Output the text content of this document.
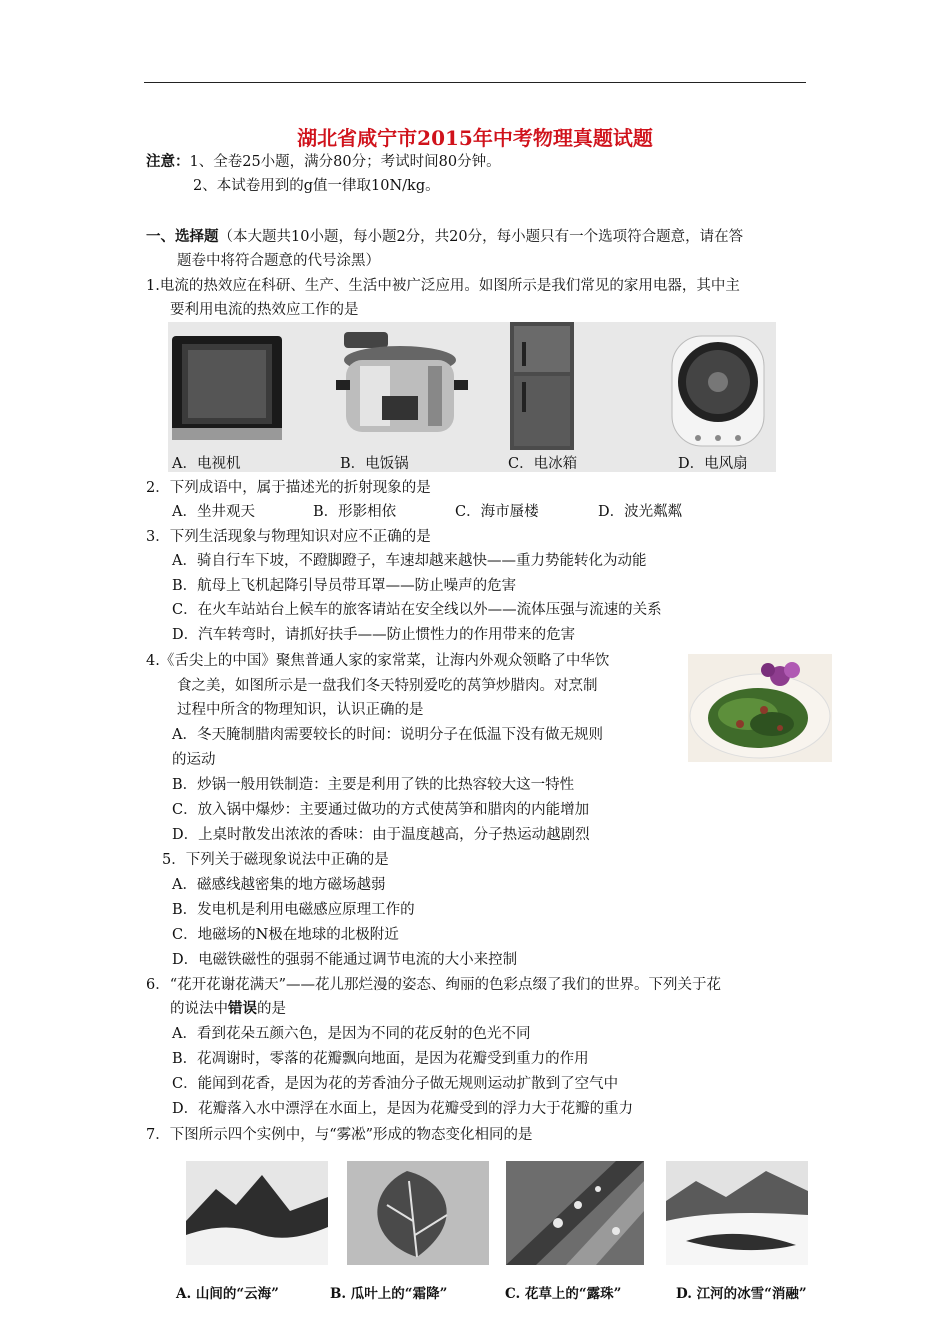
湖北省咸宁市2015年中考物理真题试题
注意：1、全卷25小题，满分80分；考试时间80分钟。
2、本试卷用到的g值一律取10N/kg。
一、选择题（本大题共10小题，每小题2分，共20分，每小题只有一个选项符合题意，请在答
题卷中将符合题意的代号涂黑）
1.电流的热效应在科研、生产、生活中被广泛应用。如图所示是我们常见的家用电器，其中主
要利用电流的热效应工作的是
A．电视机	B．电饭锅	C．电冰箱	D．电风扇
2．下列成语中，属于描述光的折射现象的是
A．坐井观天	B．形影相依	C．海市蜃楼	D．波光粼粼
3．下列生活现象与物理知识对应不正确的是
A．骑自行车下坡，不蹬脚蹬子，车速却越来越快——重力势能转化为动能
B．航母上飞机起降引导员带耳罩——防止噪声的危害
C．在火车站站台上候车的旅客请站在安全线以外——流体压强与流速的关系
D．汽车转弯时，请抓好扶手——防止惯性力的作用带来的危害
4.《舌尖上的中国》聚焦普通人家的家常菜，让海内外观众领略了中华饮
食之美，如图所示是一盘我们冬天特别爱吃的莴笋炒腊肉。对烹制
过程中所含的物理知识，认识正确的是
A．冬天腌制腊肉需要较长的时间：说明分子在低温下没有做无规则
的运动
B．炒锅一般用铁制造：主要是利用了铁的比热容较大这一特性
C．放入锅中爆炒：主要通过做功的方式使莴笋和腊肉的内能增加
D．上桌时散发出浓浓的香味：由于温度越高，分子热运动越剧烈
5．下列关于磁现象说法中正确的是
A．磁感线越密集的地方磁场越弱
B．发电机是利用电磁感应原理工作的
C．地磁场的N极在地球的北极附近
D．电磁铁磁性的强弱不能通过调节电流的大小来控制
6．“花开花谢花满天”——花儿那烂漫的姿态、绚丽的色彩点缀了我们的世界。下列关于花
的说法中错误的是
A．看到花朵五颜六色，是因为不同的花反射的色光不同
B．花凋谢时，零落的花瓣飘向地面，是因为花瓣受到重力的作用
C．能闻到花香，是因为花的芳香油分子做无规则运动扩散到了空气中
D．花瓣落入水中漂浮在水面上，是因为花瓣受到的浮力大于花瓣的重力
7．下图所示四个实例中，与“雾凇”形成的物态变化相同的是
A. 山间的“云海”	B. 瓜叶上的“霜降”	C. 花草上的“露珠”	D. 江河的冰雪“消融”
